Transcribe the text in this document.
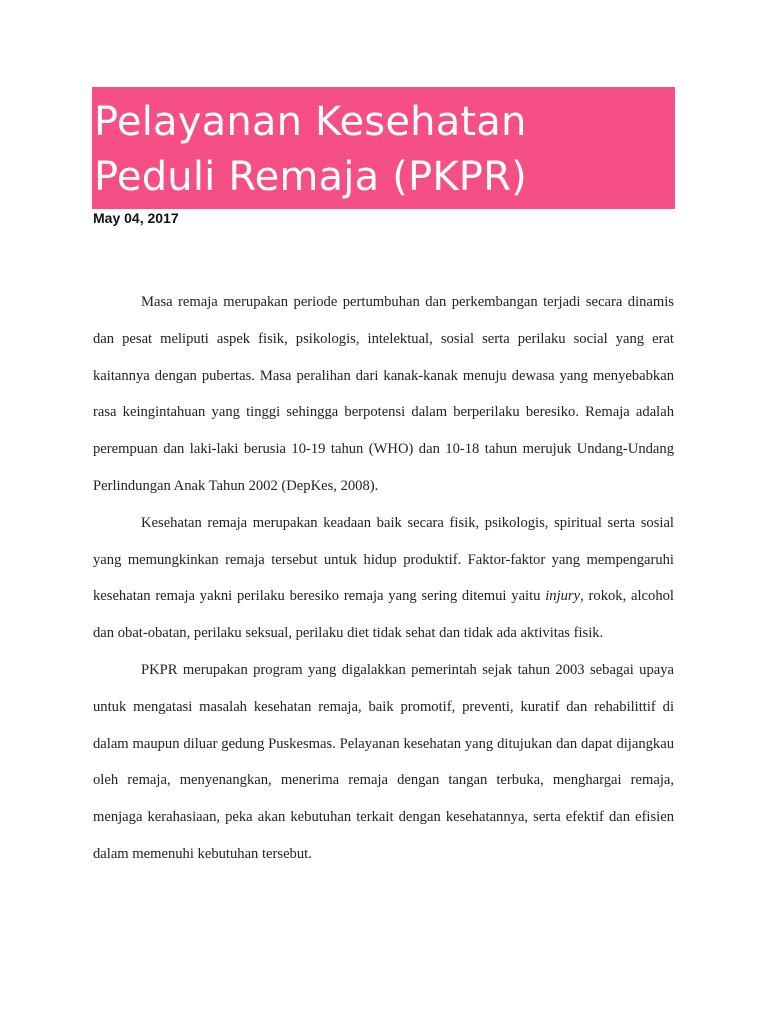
Pelayanan Kesehatan
Peduli Remaja (PKPR)
May 04, 2017

Masa remaja merupakan periode pertumbuhan dan perkembangan terjadi secara dinamis dan pesat meliputi aspek fisik, psikologis, intelektual, sosial serta perilaku social yang erat kaitannya dengan pubertas. Masa peralihan dari kanak-kanak menuju dewasa yang menyebabkan rasa keingintahuan yang tinggi sehingga berpotensi dalam berperilaku beresiko. Remaja adalah perempuan dan laki-laki berusia 10-19 tahun (WHO) dan 10-18 tahun merujuk Undang-Undang Perlindungan Anak Tahun 2002 (DepKes, 2008).

Kesehatan remaja merupakan keadaan baik secara fisik, psikologis, spiritual serta sosial yang memungkinkan remaja tersebut untuk hidup produktif. Faktor-faktor yang mempengaruhi kesehatan remaja yakni perilaku beresiko remaja yang sering ditemui yaitu injury, rokok, alcohol dan obat-obatan, perilaku seksual, perilaku diet tidak sehat dan tidak ada aktivitas fisik.

PKPR merupakan program yang digalakkan pemerintah sejak tahun 2003 sebagai upaya untuk mengatasi masalah kesehatan remaja, baik promotif, preventi, kuratif dan rehabilittif di dalam maupun diluar gedung Puskesmas. Pelayanan kesehatan yang ditujukan dan dapat dijangkau oleh remaja, menyenangkan, menerima remaja dengan tangan terbuka, menghargai remaja, menjaga kerahasiaan, peka akan kebutuhan terkait dengan kesehatannya, serta efektif dan efisien dalam memenuhi kebutuhan tersebut.
